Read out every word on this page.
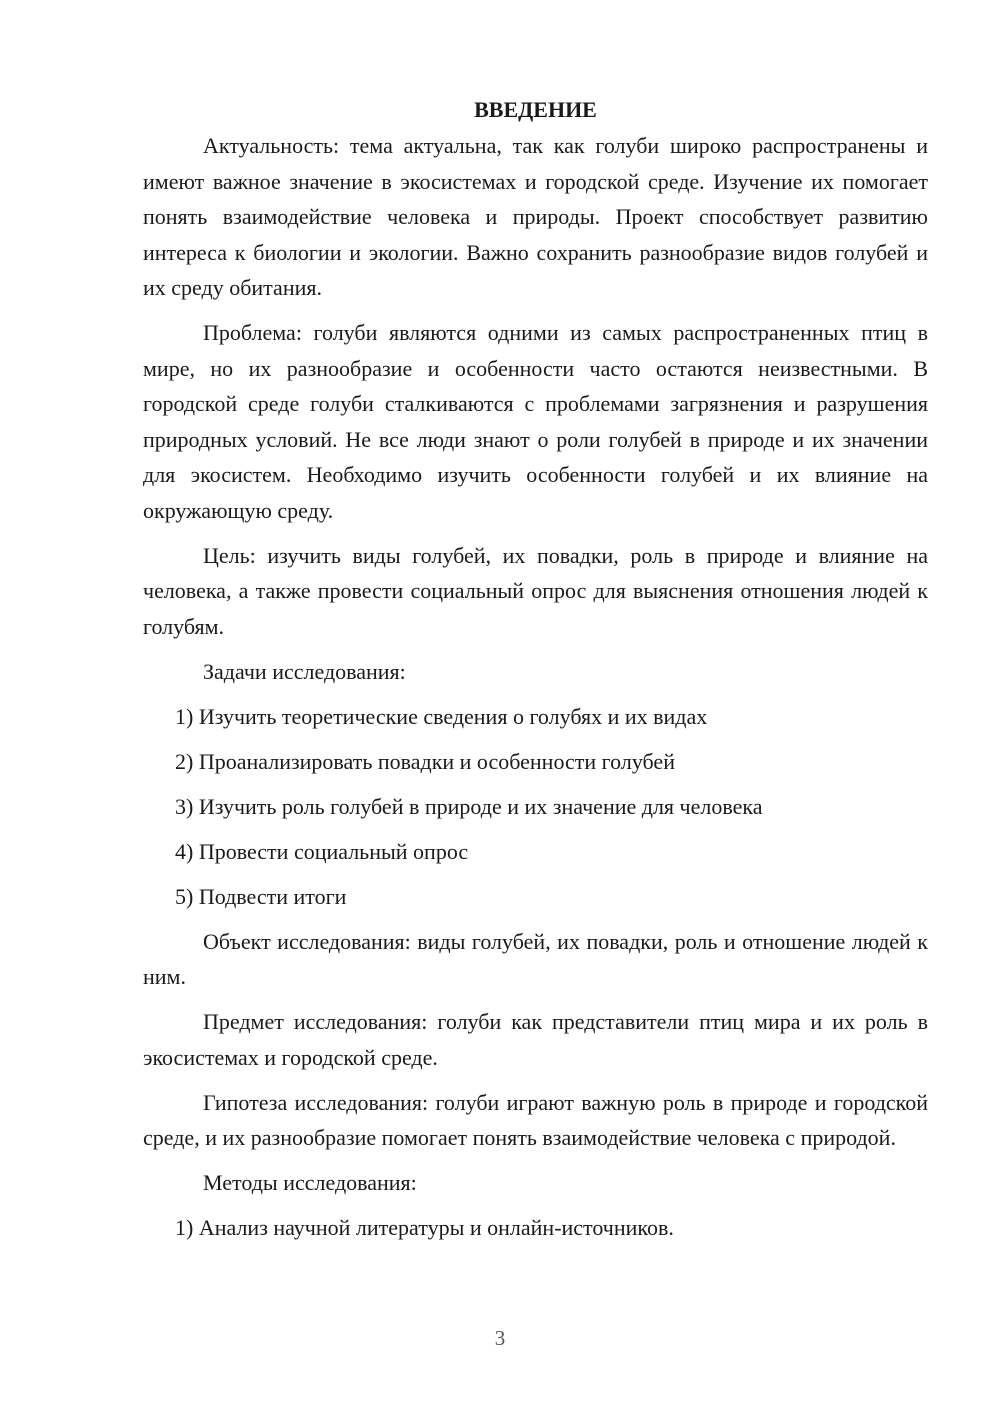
ВВЕДЕНИЕ

Актуальность: тема актуальна, так как голуби широко распространены и имеют важное значение в экосистемах и городской среде. Изучение их помогает понять взаимодействие человека и природы. Проект способствует развитию интереса к биологии и экологии. Важно сохранить разнообразие видов голубей и их среду обитания.

Проблема: голуби являются одними из самых распространенных птиц в мире, но их разнообразие и особенности часто остаются неизвестными. В городской среде голуби сталкиваются с проблемами загрязнения и разрушения природных условий. Не все люди знают о роли голубей в природе и их значении для экосистем. Необходимо изучить особенности голубей и их влияние на окружающую среду.

Цель: изучить виды голубей, их повадки, роль в природе и влияние на человека, а также провести социальный опрос для выяснения отношения людей к голубям.

Задачи исследования:

1) Изучить теоретические сведения о голубях и их видах
2) Проанализировать повадки и особенности голубей
3) Изучить роль голубей в природе и их значение для человека
4) Провести социальный опрос
5) Подвести итоги

Объект исследования: виды голубей, их повадки, роль и отношение людей к ним.

Предмет исследования: голуби как представители птиц мира и их роль в экосистемах и городской среде.

Гипотеза исследования: голуби играют важную роль в природе и городской среде, и их разнообразие помогает понять взаимодействие человека с природой.

Методы исследования:

1) Анализ научной литературы и онлайн-источников.
3
